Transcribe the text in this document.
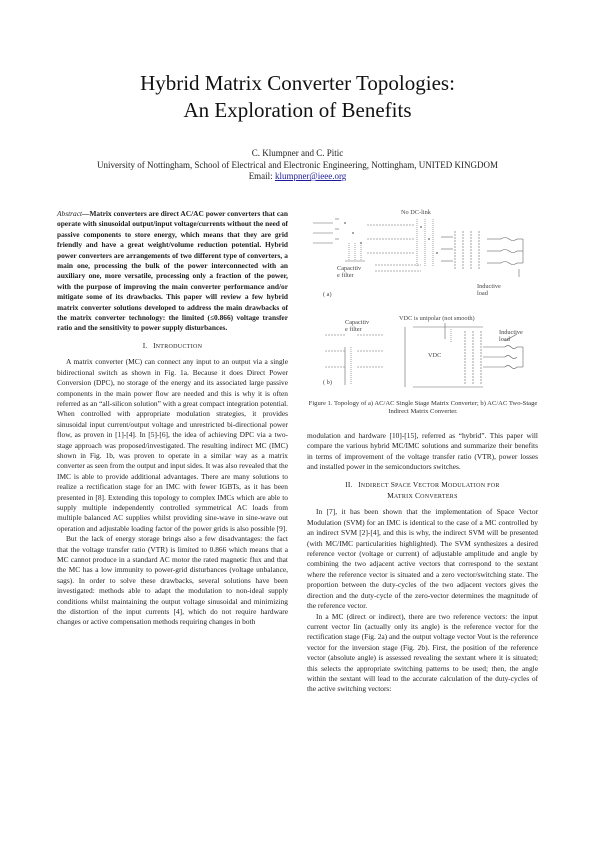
Hybrid Matrix Converter Topologies:
An Exploration of Benefits
C. Klumpner and C. Pitic
University of Nottingham, School of Electrical and Electronic Engineering, Nottingham, UNITED KINGDOM
Email: klumpner@ieee.org

Abstract—Matrix converters are direct AC/AC power converters that can operate with sinusoidal output/input voltage/currents without the need of passive components to store energy, which means that they are grid friendly and have a great weight/volume reduction potential. Hybrid power converters are arrangements of two different type of converters, a main one, processing the bulk of the power interconnected with an auxiliary one, more versatile, processing only a fraction of the power, with the purpose of improving the main converter performance and/or mitigate some of its drawbacks. This paper will review a few hybrid matrix converter solutions developed to address the main drawbacks of the matrix converter technology: the limited (≤0.866) voltage transfer ratio and the sensitivity to power supply disturbances.

I.   INTRODUCTION

A matrix converter (MC) can connect any input to an output via a single bidirectional switch as shown in Fig. 1a. Because it does Direct Power Conversion (DPC), no storage of the energy and its associated large passive components in the main power flow are needed and this is why it is often referred as an “all-silicon solution” with a great compact integration potential. When controlled with appropriate modulation strategies, it provides sinusoidal input current/output voltage and unrestricted bi-directional power flow, as proven in [1]-[4]. In [5]-[6], the idea of achieving DPC via a two-stage approach was proposed/investigated. The resulting indirect MC (IMC) shown in Fig. 1b, was proven to operate in a similar way as a matrix converter as seen from the output and input sides. It was also revealed that the IMC is able to provide additional advantages. There are many solutions to realize a rectification stage for an IMC with fewer IGBTs, as it has been presented in [8]. Extending this topology to complex IMCs which are able to supply multiple independently controlled symmetrical AC loads from multiple balanced AC supplies whilst providing sine-wave in sine-wave out operation and adjustable loading factor of the power grids is also possible [9].

But the lack of energy storage brings also a few disadvantages: the fact that the voltage transfer ratio (VTR) is limited to 0.866 which means that a MC cannot produce in a standard AC motor the rated magnetic flux and that the MC has a low immunity to power-grid disturbances (voltage unbalance, sags). In order to solve these drawbacks, several solutions have been investigated: methods able to adapt the modulation to non-ideal supply conditions whilst maintaining the output voltage sinusoidal and minimizing the distortion of the input currents [4], which do not require hardware changes or active compensation methods requiring changes in both

No DC-link
Capacitiv
e filter
Inductive
load
( a)
Capacitiv
e filter
VDC is unipolar (not smooth)
Inductive
load
VDC
( b)
Figure 1. Topology of a) AC/AC Single Stage Matrix Converter; b) AC/AC Two-Stage Indirect Matrix Converter.

modulation and hardware [10]-[15], referred as “hybrid”. This paper will compare the various hybrid MC/IMC solutions and summarize their benefits in terms of improvement of the voltage transfer ratio (VTR), power losses and installed power in the semiconductors switches.

II.   INDIRECT SPACE VECTOR MODULATION FOR
MATRIX CONVERTERS

In [7], it has been shown that the implementation of Space Vector Modulation (SVM) for an IMC is identical to the case of a MC controlled by an indirect SVM [2]-[4], and this is why, the indirect SVM will be presented (with MC/IMC particularities highlighted). The SVM synthesizes a desired reference vector (voltage or current) of adjustable amplitude and angle by combining the two adjacent active vectors that correspond to the sextant where the reference vector is situated and a zero vector/switching state. The proportion between the duty-cycles of the two adjacent vectors gives the direction and the duty-cycle of the zero-vector determines the magnitude of the reference vector.

In a MC (direct or indirect), there are two reference vectors: the input current vector Iin (actually only its angle) is the reference vector for the rectification stage (Fig. 2a) and the output voltage vector Vout is the reference vector for the inversion stage (Fig. 2b). First, the position of the reference vector (absolute angle) is assessed revealing the sextant where it is situated; this selects the appropriate switching patterns to be used; then, the angle within the sextant will lead to the accurate calculation of the duty-cycles of the active switching vectors:
